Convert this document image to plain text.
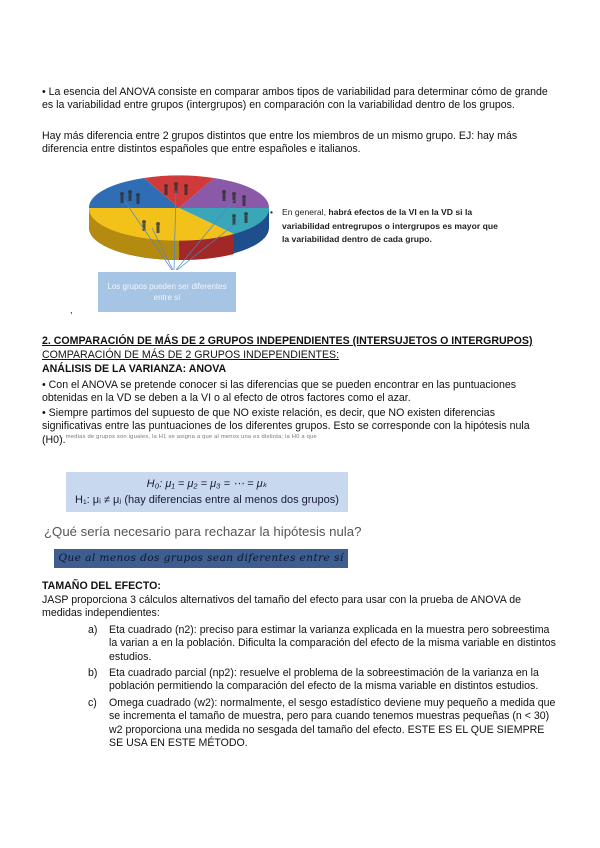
• La esencia del ANOVA consiste en comparar ambos tipos de variabilidad para determinar cómo de grande es la variabilidad entre grupos (intergrupos) en comparación con la variabilidad dentro de los grupos.
Hay más diferencia entre 2 grupos distintos que entre los miembros de un mismo grupo. EJ: hay más diferencia entre distintos españoles que entre españoles e italianos.
Los grupos pueden ser diferentes entre sí
,
• En general, habrá efectos de la VI en la VD si la variabilidad entregrupos o intergrupos es mayor que la variabilidad dentro de cada grupo.
2. COMPARACIÓN DE MÁS DE 2 GRUPOS INDEPENDIENTES (INTERSUJETOS O INTERGRUPOS)
COMPARACIÓN DE MÁS DE 2 GRUPOS INDEPENDIENTES:
ANÁLISIS DE LA VARIANZA: ANOVA
• Con el ANOVA se pretende conocer si las diferencias que se pueden encontrar en las puntuaciones obtenidas en la VD se deben a la VI o al efecto de otros factores como el azar.
• Siempre partimos del supuesto de que NO existe relación, es decir, que NO existen diferencias significativas entre las puntuaciones de los diferentes grupos. Esto se corresponde con la hipótesis nula (H0).
… medias de grupos son iguales, la H1 se asigna a que al menos una es distinta; la H0 a que
H₀: μ₁ = μ₂ = μ₃ = ⋯ = μₖ
H₁: μᵢ ≠ μⱼ (hay diferencias entre al menos dos grupos)
¿Qué sería necesario para rechazar la hipótesis nula?
Que al menos dos grupos sean diferentes entre sí
TAMAÑO DEL EFECTO:
JASP proporciona 3 cálculos alternativos del tamaño del efecto para usar con la prueba de ANOVA de medidas independientes:
a) Eta cuadrado (n2): preciso para estimar la varianza explicada en la muestra pero sobreestima la varian a en la población. Dificulta la comparación del efecto de la misma variable en distintos estudios.
b) Eta cuadrado parcial (np2): resuelve el problema de la sobreestimación de la varianza en la población permitiendo la comparación del efecto de la misma variable en distintos estudios.
c) Omega cuadrado (w2): normalmente, el sesgo estadístico deviene muy pequeño a medida que se incrementa el tamaño de muestra, pero para cuando tenemos muestras pequeñas (n < 30) w2 proporciona una medida no sesgada del tamaño del efecto. ESTE ES EL QUE SIEMPRE SE USA EN ESTE MÉTODO.
